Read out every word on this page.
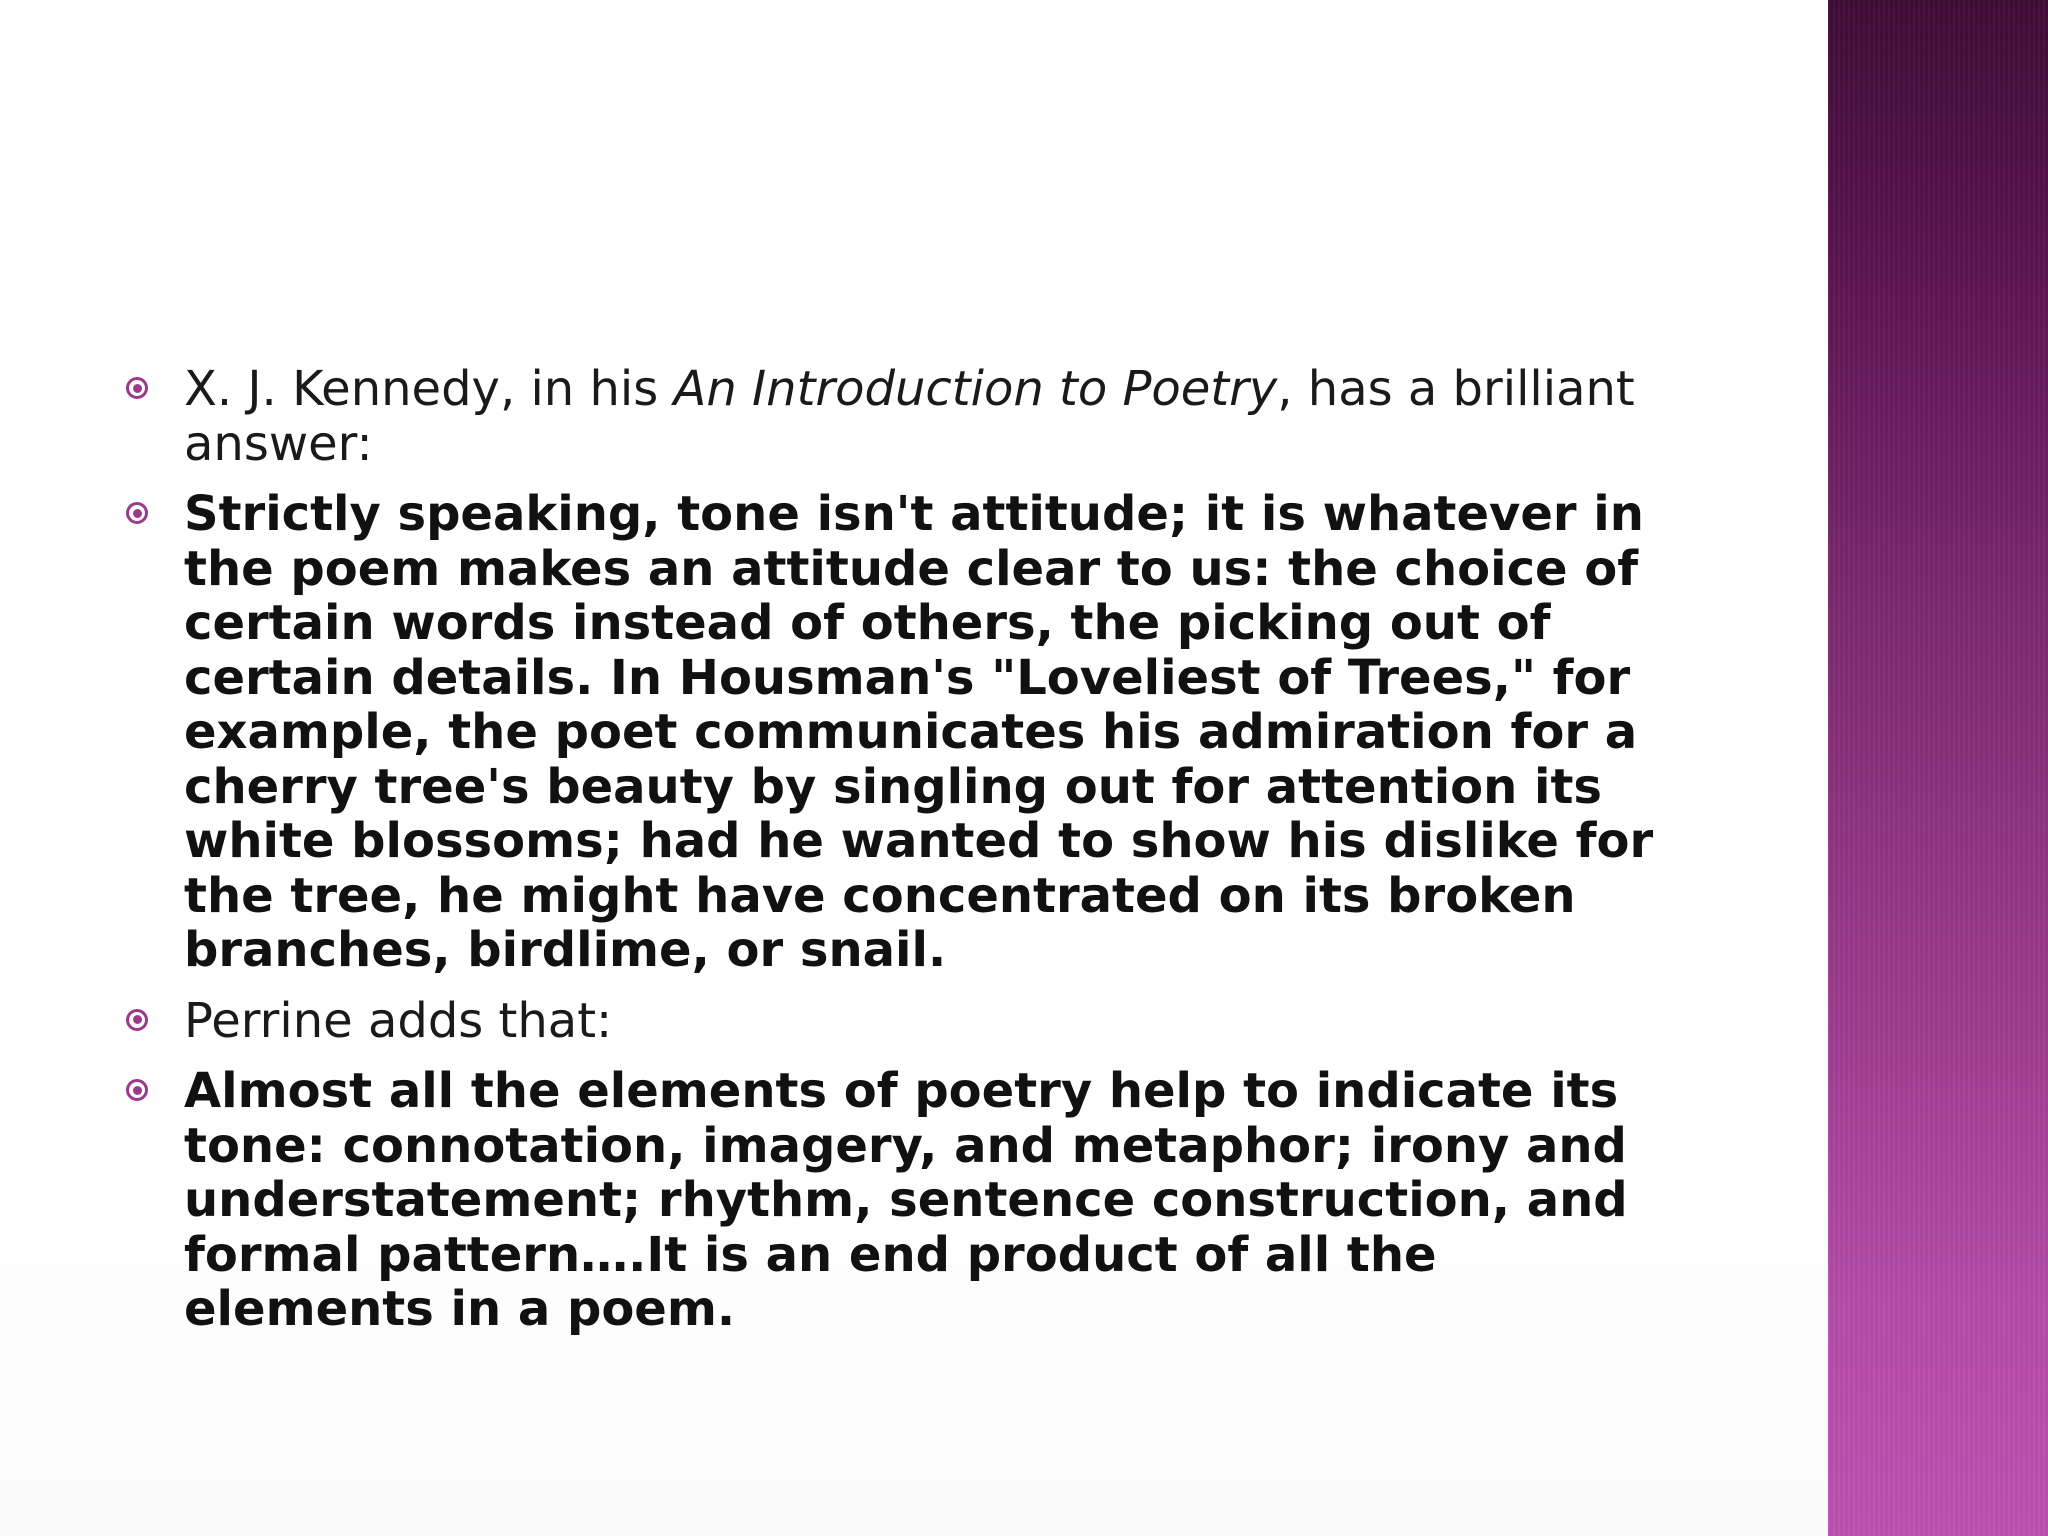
X. J. Kennedy, in his An Introduction to Poetry, has a brilliant answer:
Strictly speaking, tone isn't attitude; it is whatever in the poem makes an attitude clear to us: the choice of certain words instead of others, the picking out of certain details. In Housman's "Loveliest of Trees," for example, the poet communicates his admiration for a cherry tree's beauty by singling out for attention its white blossoms; had he wanted to show his dislike for the tree, he might have concentrated on its broken branches, birdlime, or snail.
Perrine adds that:
Almost all the elements of poetry help to indicate its tone: connotation, imagery, and metaphor; irony and understatement; rhythm, sentence construction, and formal pattern….It is an end product of all the elements in a poem.
